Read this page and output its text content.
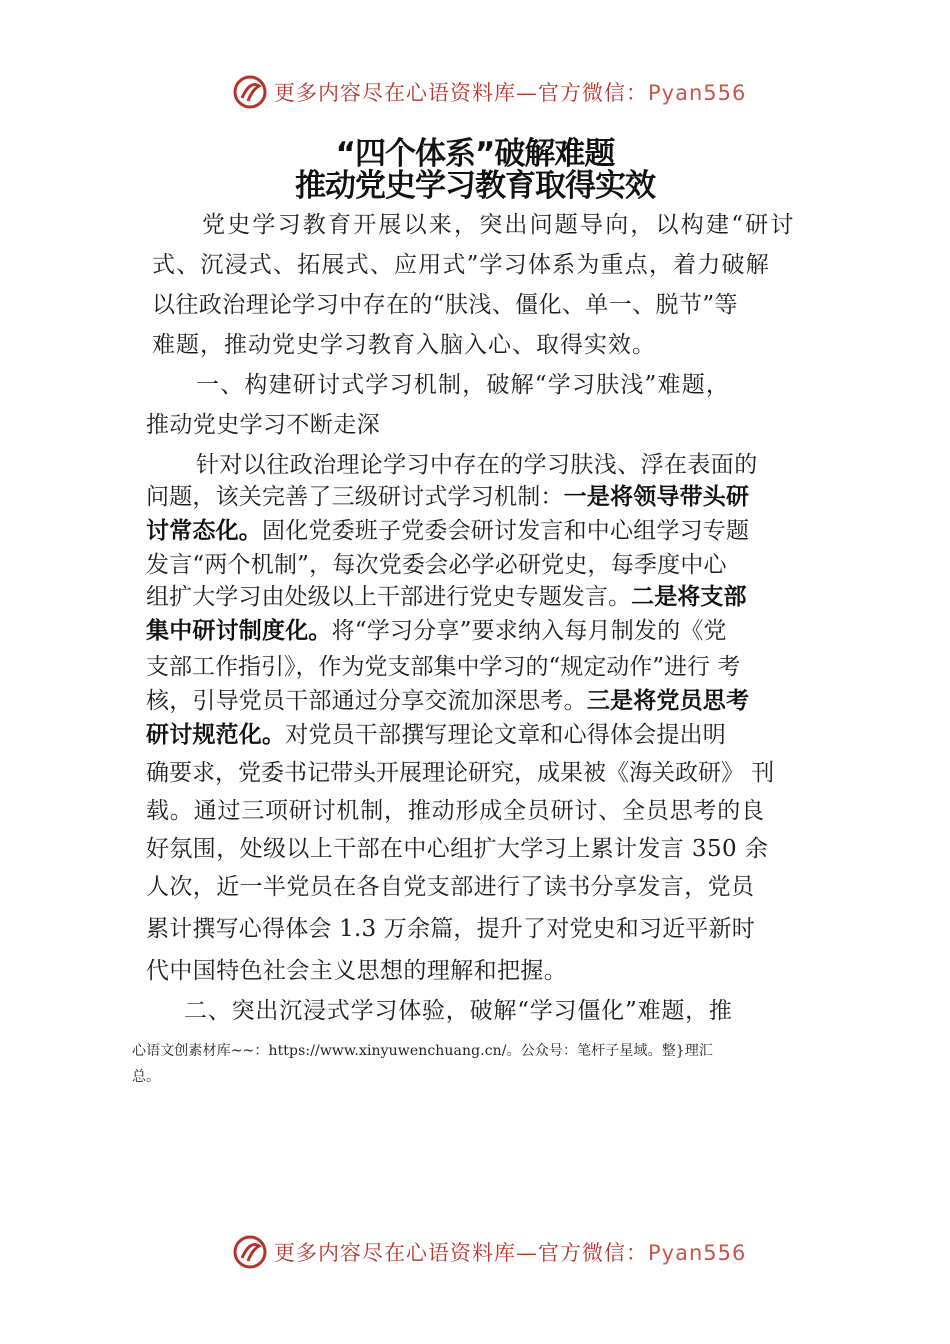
更多内容尽在心语资料库—官方微信：Pyan556
“四个体系”破解难题
推动党史学习教育取得实效
党史学习教育开展以来，突出问题导向，以构建“研讨
式、沉浸式、拓展式、应用式”学习体系为重点，着力破解
以往政治理论学习中存在的“肤浅、僵化、单一、脱节”等
难题，推动党史学习教育入脑入心、取得实效。
一、构建研讨式学习机制，破解“学习肤浅”难题，
推动党史学习不断走深
针对以往政治理论学习中存在的学习肤浅、浮在表面的
问题，该关完善了三级研讨式学习机制：一是将领导带头研
讨常态化。固化党委班子党委会研讨发言和中心组学习专题
发言“两个机制”，每次党委会必学必研党史，每季度中心
组扩大学习由处级以上干部进行党史专题发言。二是将支部
集中研讨制度化。将“学习分享”要求纳入每月制发的《党
支部工作指引》，作为党支部集中学习的“规定动作”进行 考
核，引导党员干部通过分享交流加深思考。三是将党员思考
研讨规范化。对党员干部撰写理论文章和心得体会提出明
确要求，党委书记带头开展理论研究，成果被《海关政研》 刊
载。通过三项研讨机制，推动形成全员研讨、全员思考的良
好氛围，处级以上干部在中心组扩大学习上累计发言 350 余
人次，近一半党员在各自党支部进行了读书分享发言，党员
累计撰写心得体会 1.3 万余篇，提升了对党史和习近平新时
代中国特色社会主义思想的理解和把握。
二、突出沉浸式学习体验，破解“学习僵化”难题，推
心语文创素材库~~：https://www.xinyuwenchuang.cn/。公众号：笔杆子星域。整}理汇
总。
更多内容尽在心语资料库—官方微信：Pyan556
